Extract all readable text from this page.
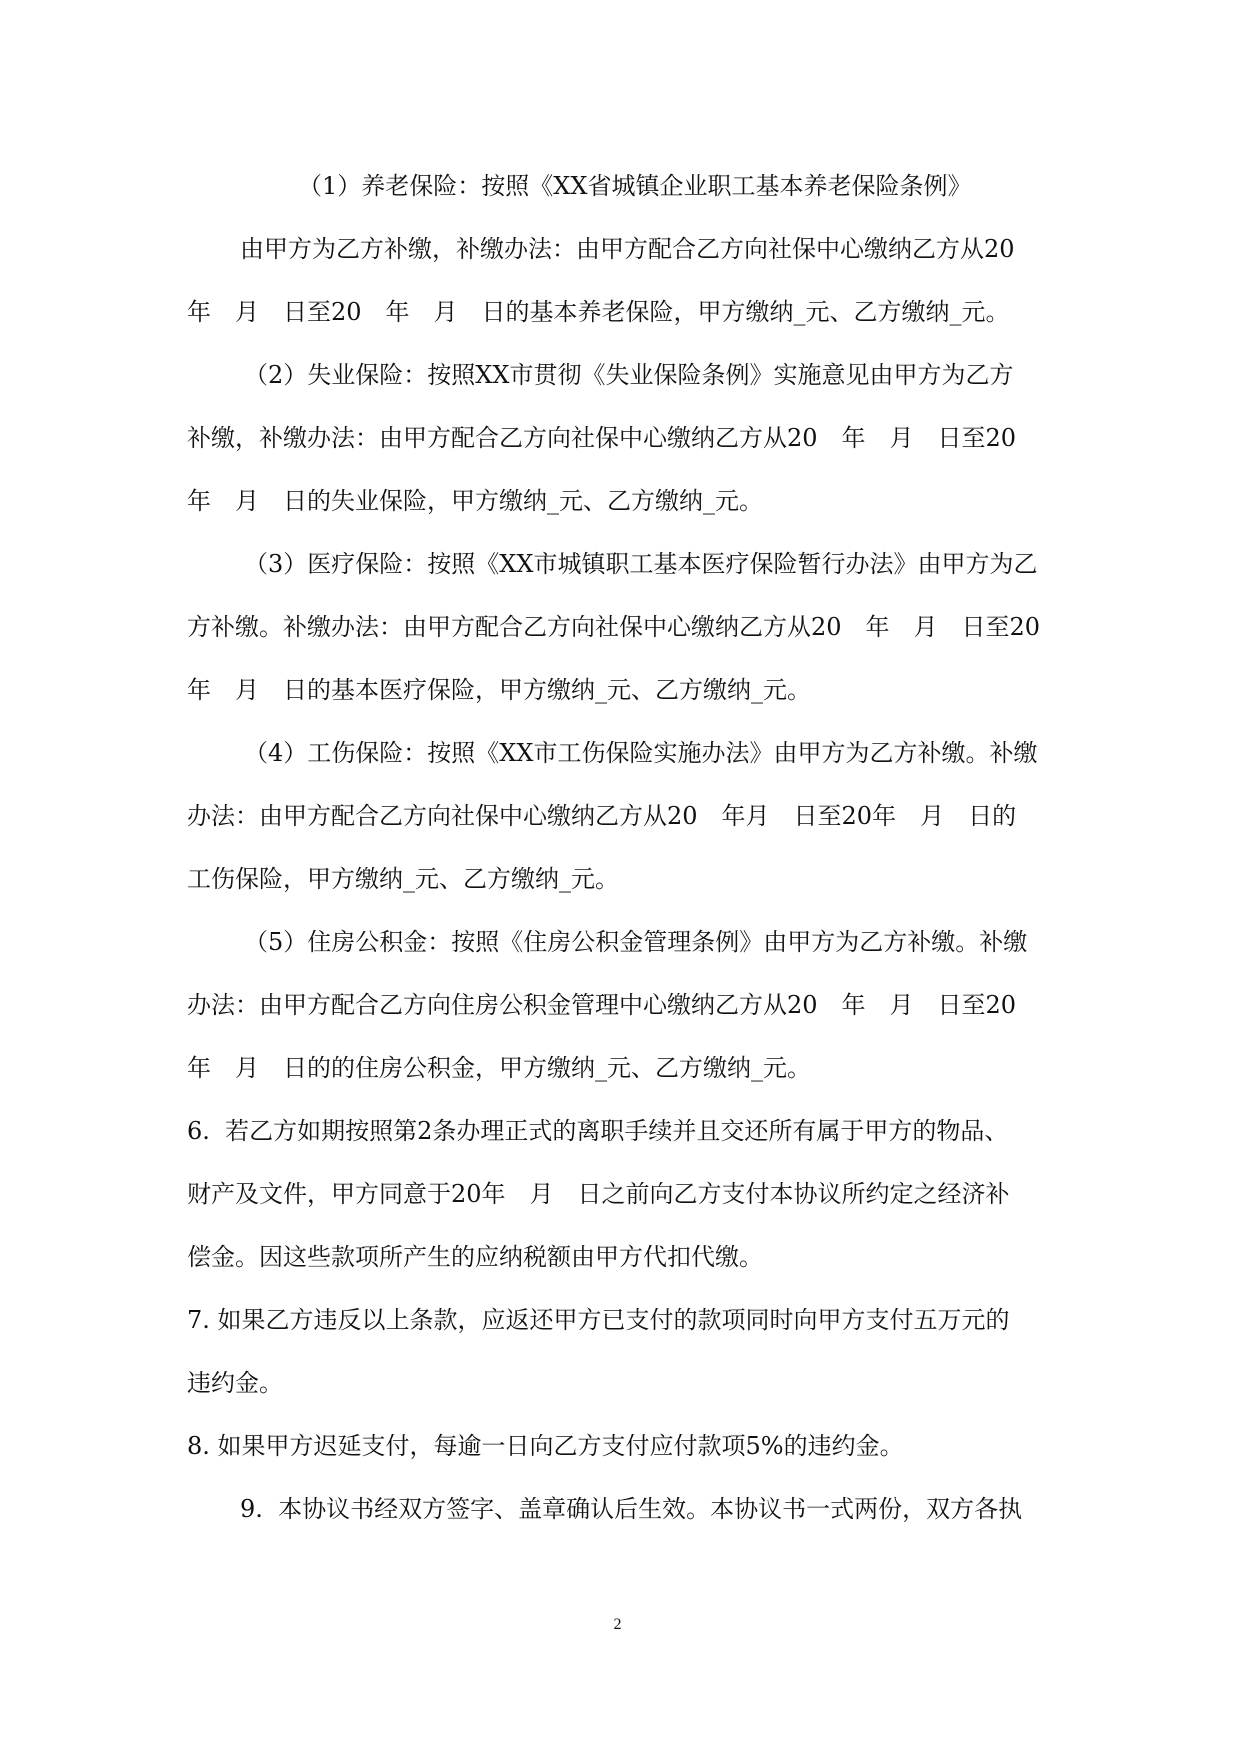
（1）养老保险：按照《XX省城镇企业职工基本养老保险条例》

由甲方为乙方补缴，补缴办法：由甲方配合乙方向社保中心缴纳乙方从20

年　月　日至20　年　月　日的基本养老保险，甲方缴纳_元、乙方缴纳_元。

（2）失业保险：按照XX市贯彻《失业保险条例》实施意见由甲方为乙方

补缴，补缴办法：由甲方配合乙方向社保中心缴纳乙方从20　年　月　日至20

年　月　日的失业保险，甲方缴纳_元、乙方缴纳_元。

（3）医疗保险：按照《XX市城镇职工基本医疗保险暂行办法》由甲方为乙

方补缴。补缴办法：由甲方配合乙方向社保中心缴纳乙方从20　年　月　日至20

年　月　日的基本医疗保险，甲方缴纳_元、乙方缴纳_元。

（4）工伤保险：按照《XX市工伤保险实施办法》由甲方为乙方补缴。补缴

办法：由甲方配合乙方向社保中心缴纳乙方从20　年月　日至20年　月　日的

工伤保险，甲方缴纳_元、乙方缴纳_元。

（5）住房公积金：按照《住房公积金管理条例》由甲方为乙方补缴。补缴

办法：由甲方配合乙方向住房公积金管理中心缴纳乙方从20　年　月　日至20

年　月　日的的住房公积金，甲方缴纳_元、乙方缴纳_元。

6.  若乙方如期按照第2条办理正式的离职手续并且交还所有属于甲方的物品、

财产及文件，甲方同意于20年　月　日之前向乙方支付本协议所约定之经济补

偿金。因这些款项所产生的应纳税额由甲方代扣代缴。

7. 如果乙方违反以上条款，应返还甲方已支付的款项同时向甲方支付五万元的

违约金。

8. 如果甲方迟延支付，每逾一日向乙方支付应付款项5%的违约金。

9.  本协议书经双方签字、盖章确认后生效。本协议书一式两份，双方各执

2
